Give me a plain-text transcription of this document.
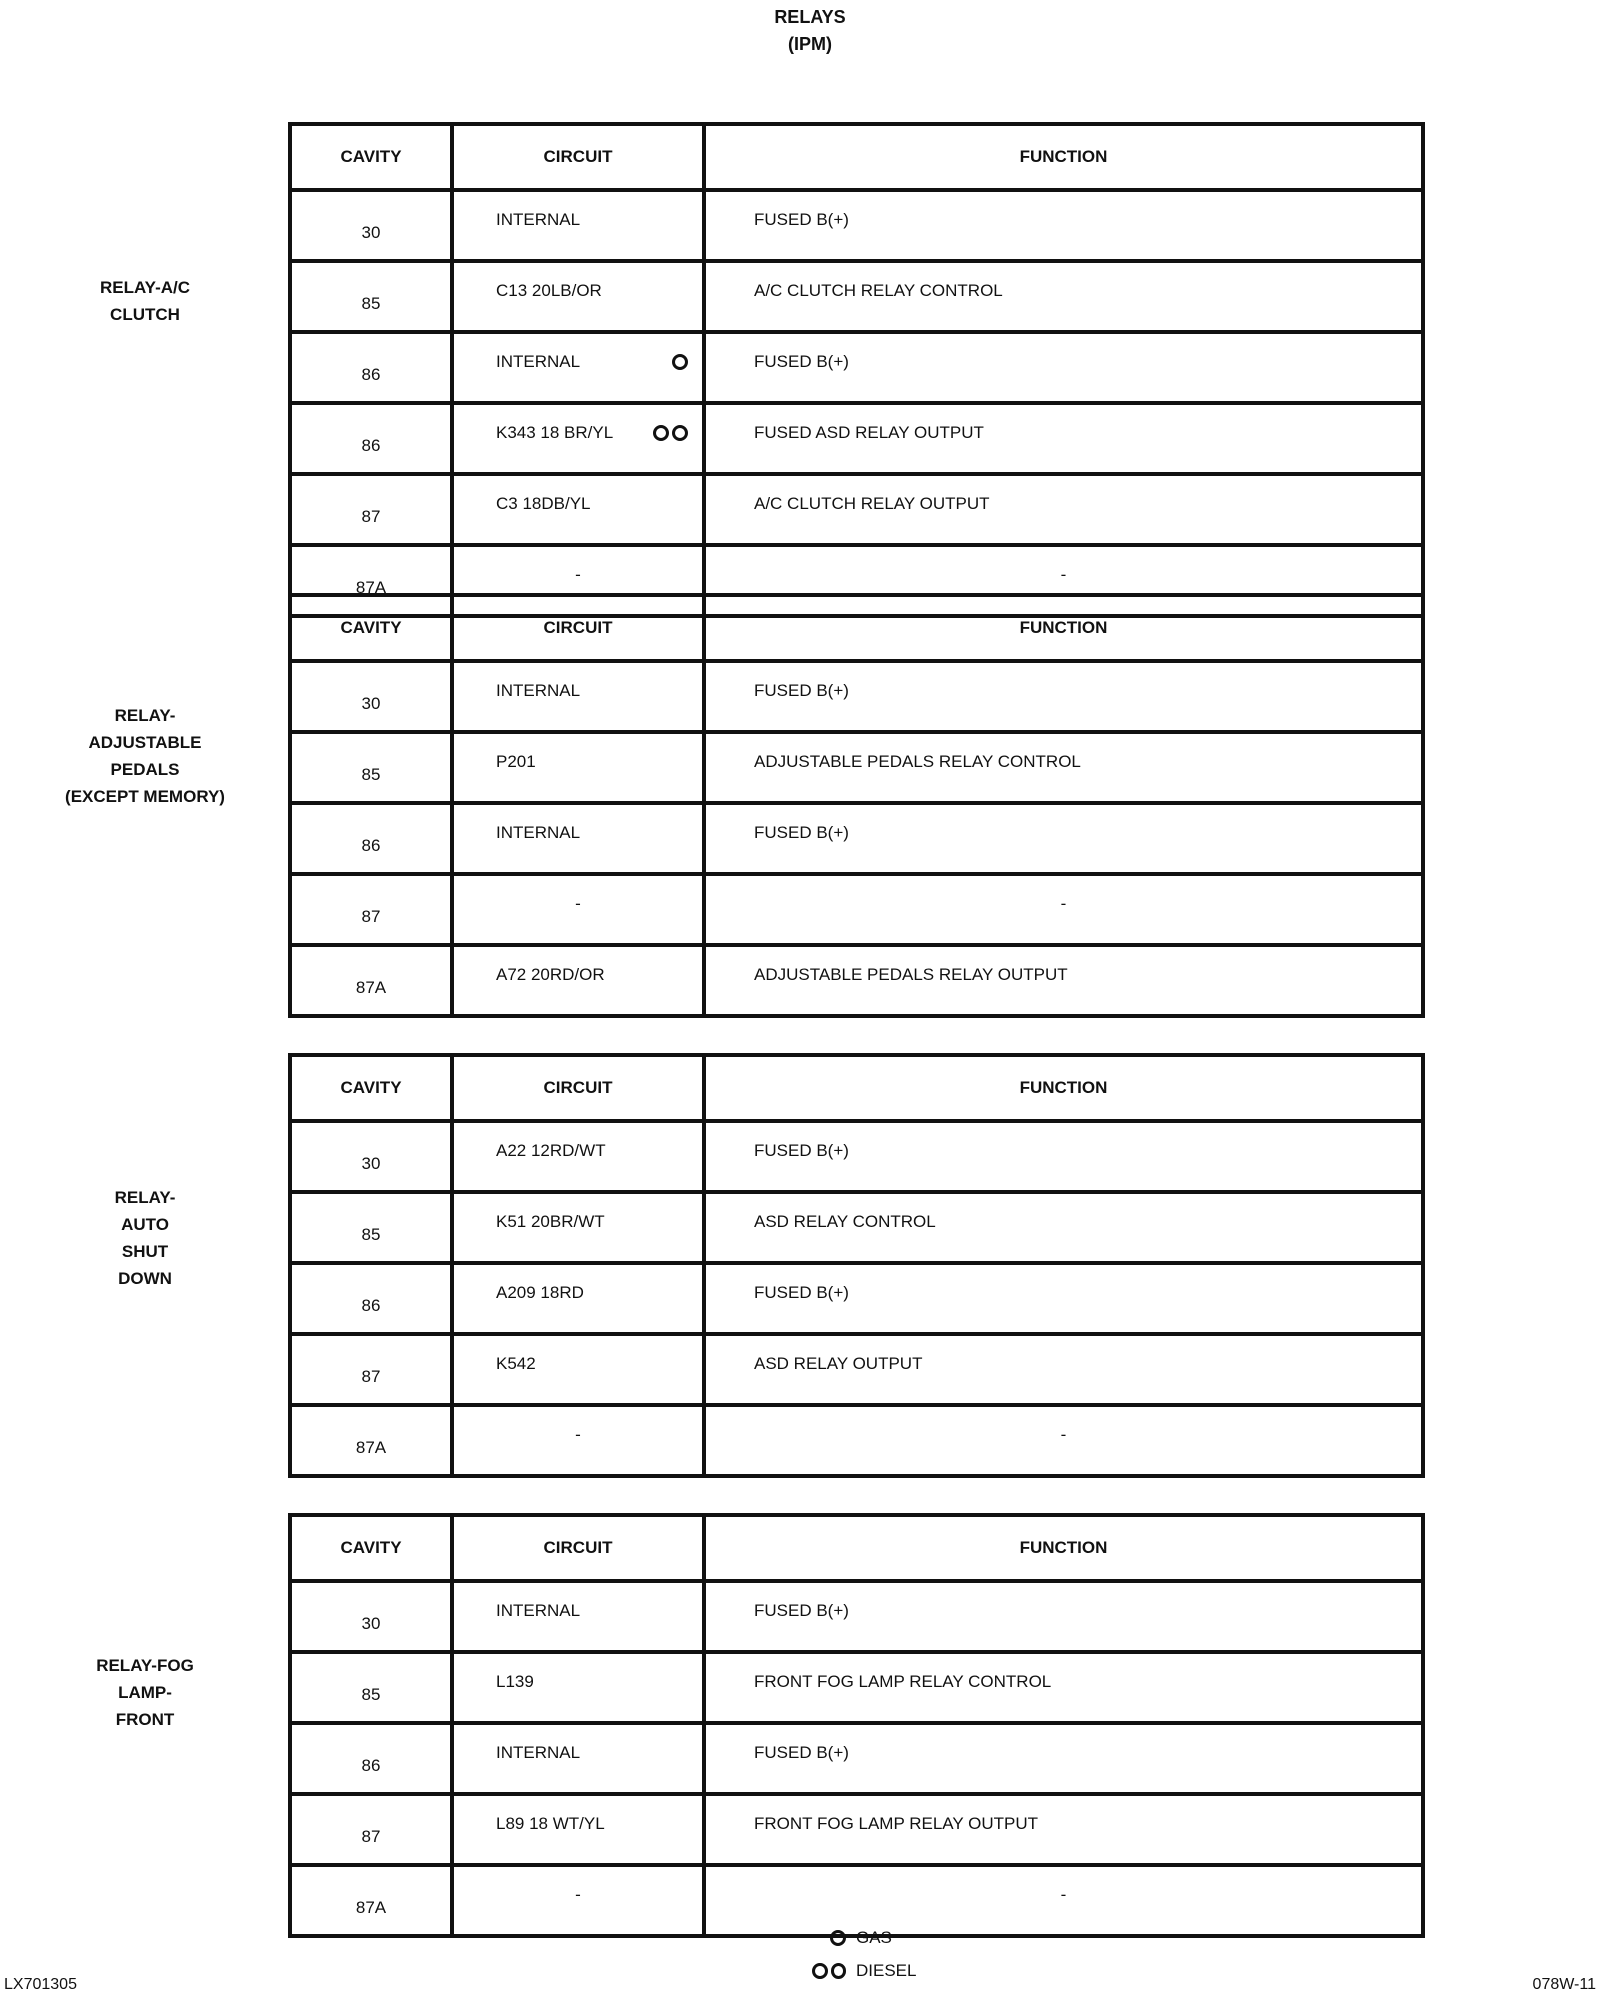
RELAYS
(IPM)
RELAY-A/C
CLUTCH
CAVITY	CIRCUIT	FUNCTION
30	INTERNAL	FUSED B(+)
85	C13 20LB/OR	A/C CLUTCH RELAY CONTROL
86	INTERNAL	FUSED B(+)
86	K343 18 BR/YL	FUSED ASD RELAY OUTPUT
87	C3 18DB/YL	A/C CLUTCH RELAY OUTPUT
87A	-	-
RELAY-
ADJUSTABLE
PEDALS
(EXCEPT MEMORY)
CAVITY	CIRCUIT	FUNCTION
30	INTERNAL	FUSED B(+)
85	P201	ADJUSTABLE PEDALS RELAY CONTROL
86	INTERNAL	FUSED B(+)
87	-	-
87A	A72 20RD/OR	ADJUSTABLE PEDALS RELAY OUTPUT
RELAY-
AUTO
SHUT
DOWN
CAVITY	CIRCUIT	FUNCTION
30	A22 12RD/WT	FUSED B(+)
85	K51 20BR/WT	ASD RELAY CONTROL
86	A209 18RD	FUSED B(+)
87	K542	ASD RELAY OUTPUT
87A	-	-
RELAY-FOG
LAMP-
FRONT
CAVITY	CIRCUIT	FUNCTION
30	INTERNAL	FUSED B(+)
85	L139	FRONT FOG LAMP RELAY CONTROL
86	INTERNAL	FUSED B(+)
87	L89 18 WT/YL	FRONT FOG LAMP RELAY OUTPUT
87A	-	-
GAS
DIESEL
LX701305	078W-11
